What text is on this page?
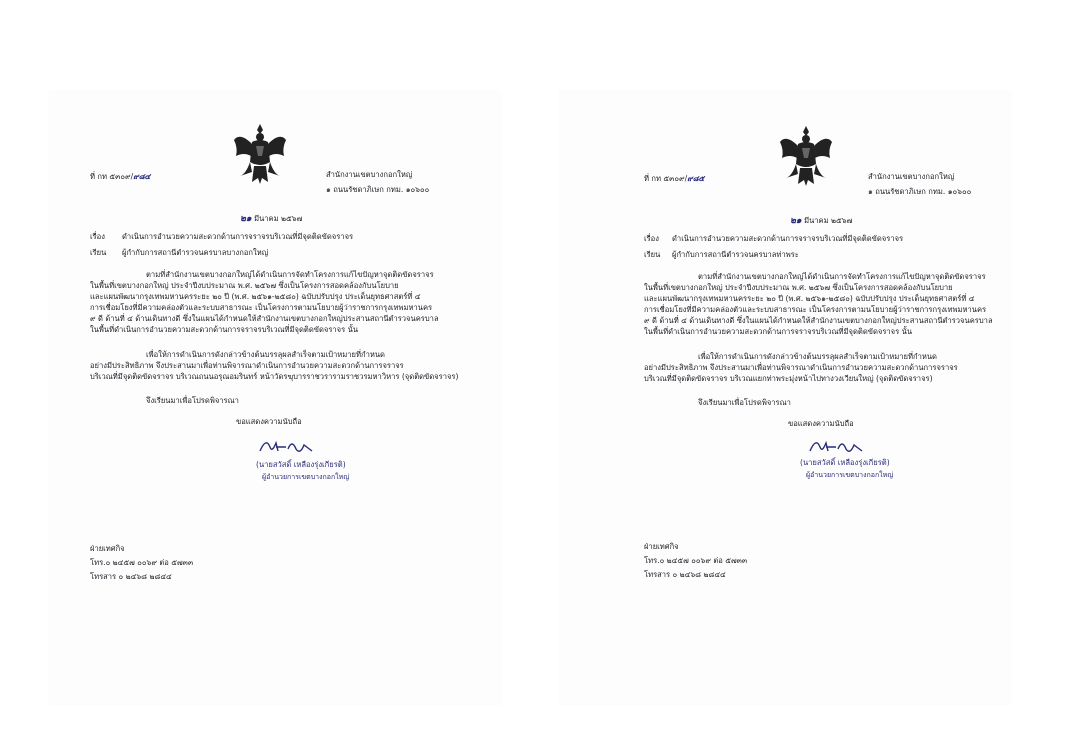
ที่ กท ๕๓๐๙/๙๘๔	สำนักงานเขตบางกอกใหญ่
๑ ถนนรัชดาภิเษก กทม. ๑๐๖๐๐
๒๑ มีนาคม ๒๕๖๗
เรื่อง ดำเนินการอำนวยความสะดวกด้านการจราจรบริเวณที่มีจุดติดขัดจราจร
เรียน ผู้กำกับการสถานีตำรวจนครบาลบางกอกใหญ่
ตามที่สำนักงานเขตบางกอกใหญ่ได้ดำเนินการจัดทำโครงการแก้ไขปัญหาจุดติดขัดจราจร
ในพื้นที่เขตบางกอกใหญ่ ประจำปีงบประมาณ พ.ศ. ๒๕๖๗ ซึ่งเป็นโครงการสอดคล้องกับนโยบาย
และแผนพัฒนากรุงเทพมหานครระยะ ๒๐ ปี (พ.ศ. ๒๕๖๑-๒๕๘๐) ฉบับปรับปรุง ประเด็นยุทธศาสตร์ที่ ๔
การเชื่อมโยงที่มีความคล่องตัวและระบบสาธารณะ เป็นโครงการตามนโยบายผู้ว่าราชการกรุงเทพมหานคร
๙ ดี ด้านที่ ๔ ด้านเดินทางดี ซึ่งในแผนได้กำหนดให้สำนักงานเขตบางกอกใหญ่ประสานสถานีตำรวจนครบาล
ในพื้นที่ดำเนินการอำนวยความสะดวกด้านการจราจรบริเวณที่มีจุดติดขัดจราจร นั้น
เพื่อให้การดำเนินการดังกล่าวข้างต้นบรรลุผลสำเร็จตามเป้าหมายที่กำหนด
อย่างมีประสิทธิภาพ จึงประสานมาเพื่อท่านพิจารณาดำเนินการอำนวยความสะดวกด้านการจราจร
บริเวณที่มีจุดติดขัดจราจร บริเวณถนนอรุณอมรินทร์ หน้าวัดรฆุบารราชวรารามราชวรมหาวิหาร (จุดติดขัดจราจร)
จึงเรียนมาเพื่อโปรดพิจารณา
ขอแสดงความนับถือ
(นายสวัสดิ์ เหลืองรุ่งเกียรติ)
ผู้อำนวยการเขตบางกอกใหญ่
ฝ่ายเทศกิจ
โทร.๐ ๒๔๕๗ ๐๐๖๙ ต่อ ๕๗๓๓
โทรสาร ๐ ๒๔๖๘ ๒๘๔๔
ที่ กท ๕๓๐๙/๙๘๕	สำนักงานเขตบางกอกใหญ่
๑ ถนนรัชดาภิเษก กทม. ๑๐๖๐๐
๒๑ มีนาคม ๒๕๖๗
เรื่อง ดำเนินการอำนวยความสะดวกด้านการจราจรบริเวณที่มีจุดติดขัดจราจร
เรียน ผู้กำกับการสถานีตำรวจนครบาลท่าพระ
ตามที่สำนักงานเขตบางกอกใหญ่ได้ดำเนินการจัดทำโครงการแก้ไขปัญหาจุดติดขัดจราจร
ในพื้นที่เขตบางกอกใหญ่ ประจำปีงบประมาณ พ.ศ. ๒๕๖๗ ซึ่งเป็นโครงการสอดคล้องกับนโยบาย
และแผนพัฒนากรุงเทพมหานครระยะ ๒๐ ปี (พ.ศ. ๒๕๖๑-๒๕๘๐) ฉบับปรับปรุง ประเด็นยุทธศาสตร์ที่ ๔
การเชื่อมโยงที่มีความคล่องตัวและระบบสาธารณะ เป็นโครงการตามนโยบายผู้ว่าราชการกรุงเทพมหานคร
๙ ดี ด้านที่ ๔ ด้านเดินทางดี ซึ่งในแผนได้กำหนดให้สำนักงานเขตบางกอกใหญ่ประสานสถานีตำรวจนครบาล
ในพื้นที่ดำเนินการอำนวยความสะดวกด้านการจราจรบริเวณที่มีจุดติดขัดจราจร นั้น
เพื่อให้การดำเนินการดังกล่าวข้างต้นบรรลุผลสำเร็จตามเป้าหมายที่กำหนด
อย่างมีประสิทธิภาพ จึงประสานมาเพื่อท่านพิจารณาดำเนินการอำนวยความสะดวกด้านการจราจร
บริเวณที่มีจุดติดขัดจราจร บริเวณแยกท่าพระมุ่งหน้าไปทางวงเวียนใหญ่ (จุดติดขัดจราจร)
จึงเรียนมาเพื่อโปรดพิจารณา
ขอแสดงความนับถือ
(นายสวัสดิ์ เหลืองรุ่งเกียรติ)
ผู้อำนวยการเขตบางกอกใหญ่
ฝ่ายเทศกิจ
โทร.๐ ๒๔๕๗ ๐๐๖๙ ต่อ ๕๗๓๓
โทรสาร ๐ ๒๔๖๘ ๒๘๔๔
